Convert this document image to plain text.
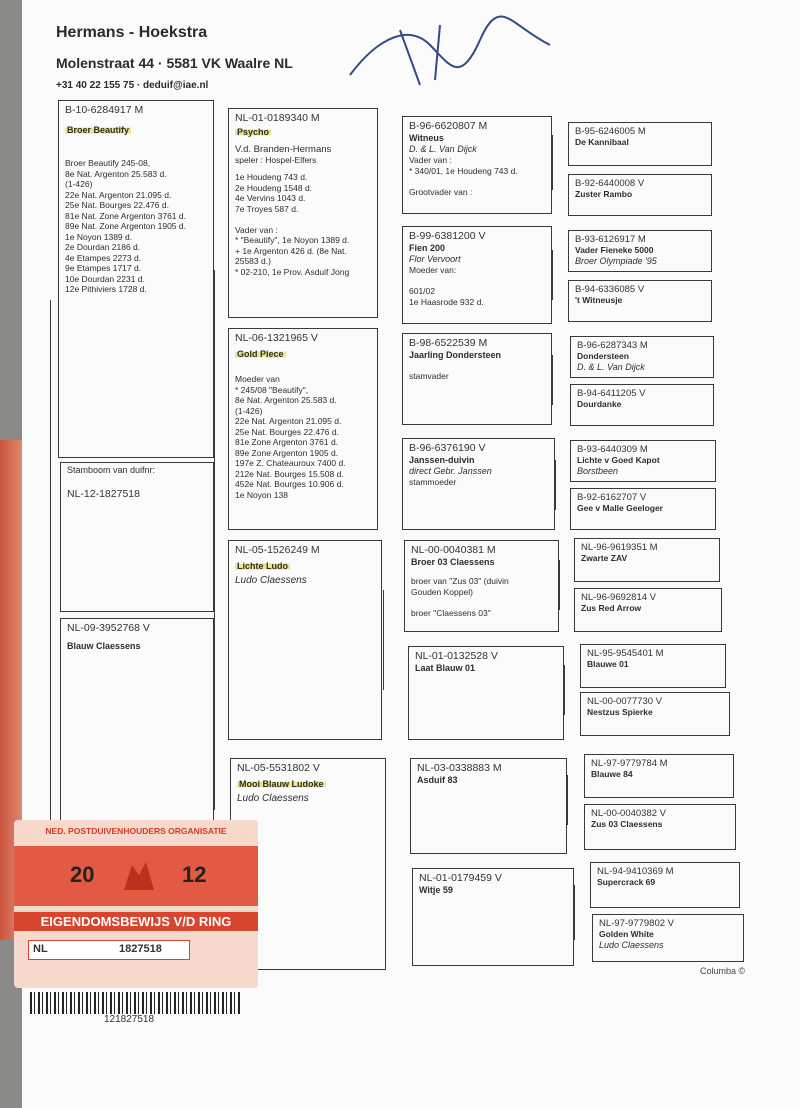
Hermans - Hoekstra
Molenstraat 44 · 5581 VK Waalre NL
+31 40 22 155 75 · deduif@iae.nl
B-10-6284917 M
Broer Beautify
Broer Beautify 245-08,
8e Nat. Argenton 25.583 d.
(1-426)
22e Nat. Argenton 21.095 d.
25e Nat. Bourges 22.476 d.
81e Nat. Zone Argenton 3761 d.
89e Nat. Zone Argenton 1905 d.
1e Noyon 1389 d.
2e Dourdan 2186 d.
4e Etampes 2273 d.
9e Etampes 1717 d.
10e Dourdan 2231 d.
12e Pithiviers 1728 d.
Stamboom van duifnr:
NL-12-1827518
NL-09-3952768 V
Blauw Claessens
NL-01-0189340 M
Psycho
V.d. Branden-Hermans
speler : Hospel-Elfers
1e Houdeng 743 d.
2e Houdeng 1548 d.
4e Vervins 1043 d.
7e Troyes 587 d.

Vader van :
* "Beautify", 1e Noyon 1389 d.
+ 1e Argenton 426 d. (8e Nat.
25583 d.)
* 02-210, 1e Prov. Asduif Jong
NL-06-1321965 V
Gold Piece
Moeder van
* 245/08 "Beautify",
8e Nat. Argenton 25.583 d.
(1-426)
22e Nat. Argenton 21.095 d.
25e Nat. Bourges 22.476 d.
81e Zone Argenton 3761 d.
89e Zone Argenton 1905 d.
197e Z. Chateauroux 7400 d.
212e Nat. Bourges 15.508 d.
452e Nat. Bourges 10.906 d.
1e Noyon 138
NL-05-1526249 M
Lichte Ludo
Ludo Claessens
NL-05-5531802 V
Mooi Blauw Ludoke
Ludo Claessens
B-96-6620807 M
Witneus
D. & L. Van Dijck
Vader van :
* 340/01, 1e Houdeng 743 d.

Grootvader van :
B-99-6381200 V
Fien 200
Flor Vervoort
Moeder van:

601/02
1e Haasrode 932 d.
B-98-6522539 M
Jaarling Dondersteen
stamvader
B-96-6376190 V
Janssen-duivin
direct Gebr. Janssen
stammoeder
NL-00-0040381 M
Broer 03 Claessens
broer van "Zus 03" (duivin
Gouden Koppel)

broer "Claessens 03"
NL-01-0132528 V
Laat Blauw 01
NL-03-0338883 M
Asduif 83
NL-01-0179459 V
Witje 59
B-95-6246005 M
De Kannibaal
B-92-6440008 V
Zuster Rambo
B-93-6126917 M
Vader Fieneke 5000
Broer Olympiade '95
B-94-6336085 V
't Witneusje
B-96-6287343 M
Dondersteen
D. & L. Van Dijck
B-94-6411205 V
Dourdanke
B-93-6440309 M
Lichte v Goed Kapot
Borstbeen
B-92-6162707 V
Gee v Malle Geeloger
NL-96-9619351 M
Zwarte ZAV
NL-96-9692814 V
Zus Red Arrow
NL-95-9545401 M
Blauwe 01
NL-00-0077730 V
Nestzus Spierke
NL-97-9779784 M
Blauwe 84
NL-00-0040382 V
Zus 03 Claessens
NL-94-9410369 M
Supercrack 69
NL-97-9779802 V
Golden White
Ludo Claessens
Columba ©
NED. POSTDUIVENHOUDERS ORGANISATIE
20	12
EIGENDOMSBEWIJS V/D RING
NL	1827518
121827518
